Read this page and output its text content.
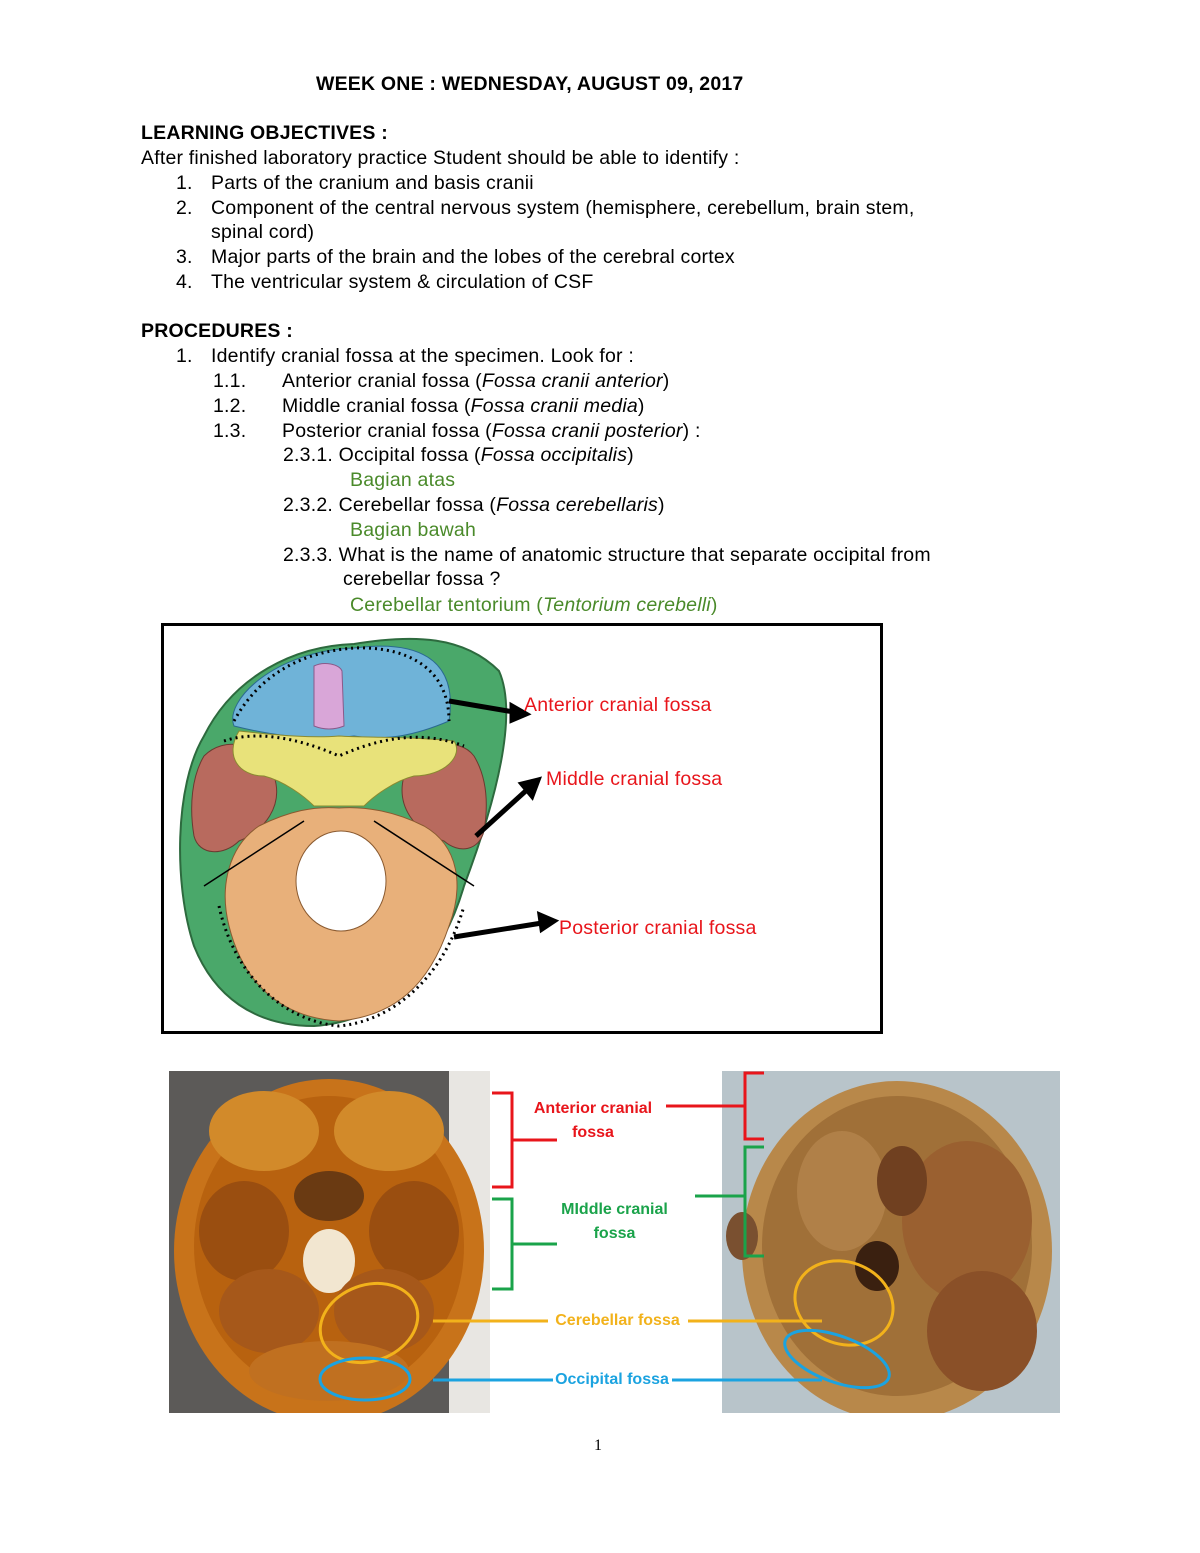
WEEK ONE : WEDNESDAY, AUGUST 09, 2017
LEARNING OBJECTIVES :
After finished laboratory practice Student should be able to identify :
1. Parts of the cranium and basis cranii
2. Component of the central nervous system (hemisphere, cerebellum, brain stem,
spinal cord)
3. Major parts of the brain and the lobes of the cerebral cortex
4. The ventricular system & circulation of CSF
PROCEDURES :
1. Identify cranial fossa at the specimen. Look for :
1.1. Anterior cranial fossa (Fossa cranii anterior)
1.2. Middle cranial fossa (Fossa cranii media)
1.3. Posterior cranial fossa (Fossa cranii posterior) :
2.3.1. Occipital fossa (Fossa occipitalis)
Bagian atas
2.3.2. Cerebellar fossa (Fossa cerebellaris)
Bagian bawah
2.3.3. What is the name of anatomic structure that separate occipital from
cerebellar fossa ?
Cerebellar tentorium (Tentorium cerebelli)
Anterior cranial fossa
Middle cranial fossa
Posterior cranial fossa
Anterior cranial
fossa
MIddle cranial
fossa
Cerebellar fossa
Occipital fossa
1
